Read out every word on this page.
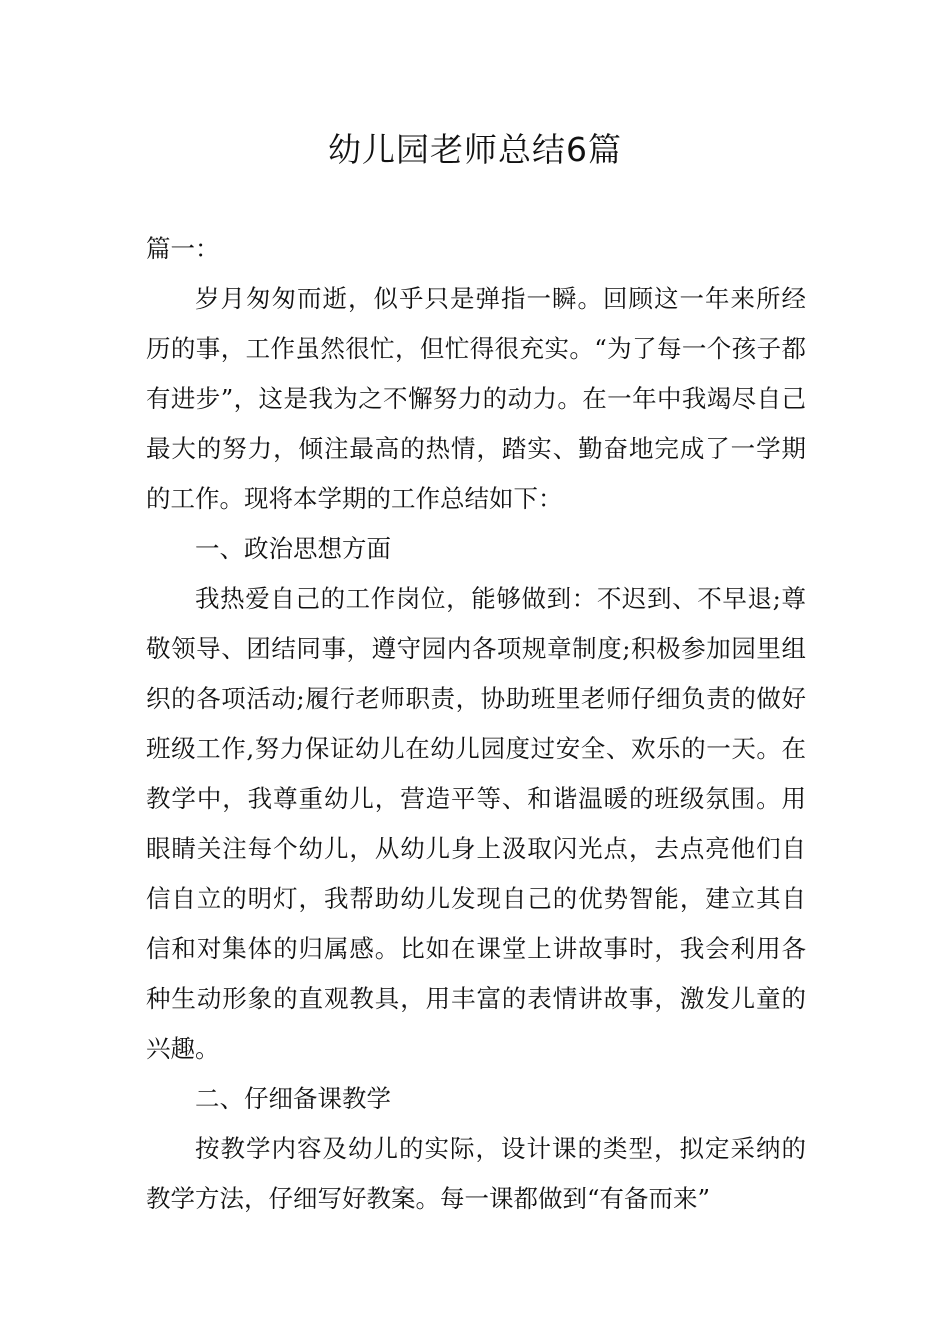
幼儿园老师总结6篇

篇一：

岁月匆匆而逝，似乎只是弹指一瞬。回顾这一年来所经历的事，工作虽然很忙，但忙得很充实。“为了每一个孩子都有进步”，这是我为之不懈努力的动力。在一年中我竭尽自己最大的努力，倾注最高的热情，踏实、勤奋地完成了一学期的工作。现将本学期的工作总结如下：

一、政治思想方面

我热爱自己的工作岗位，能够做到：不迟到、不早退;尊敬领导、团结同事，遵守园内各项规章制度;积极参加园里组织的各项活动;履行老师职责，协助班里老师仔细负责的做好班级工作,努力保证幼儿在幼儿园度过安全、欢乐的一天。在教学中，我尊重幼儿，营造平等、和谐温暖的班级氛围。用眼睛关注每个幼儿，从幼儿身上汲取闪光点，去点亮他们自信自立的明灯，我帮助幼儿发现自己的优势智能，建立其自信和对集体的归属感。比如在课堂上讲故事时，我会利用各种生动形象的直观教具，用丰富的表情讲故事，激发儿童的兴趣。

二、仔细备课教学

按教学内容及幼儿的实际，设计课的类型，拟定采纳的教学方法，仔细写好教案。每一课都做到“有备而来”
